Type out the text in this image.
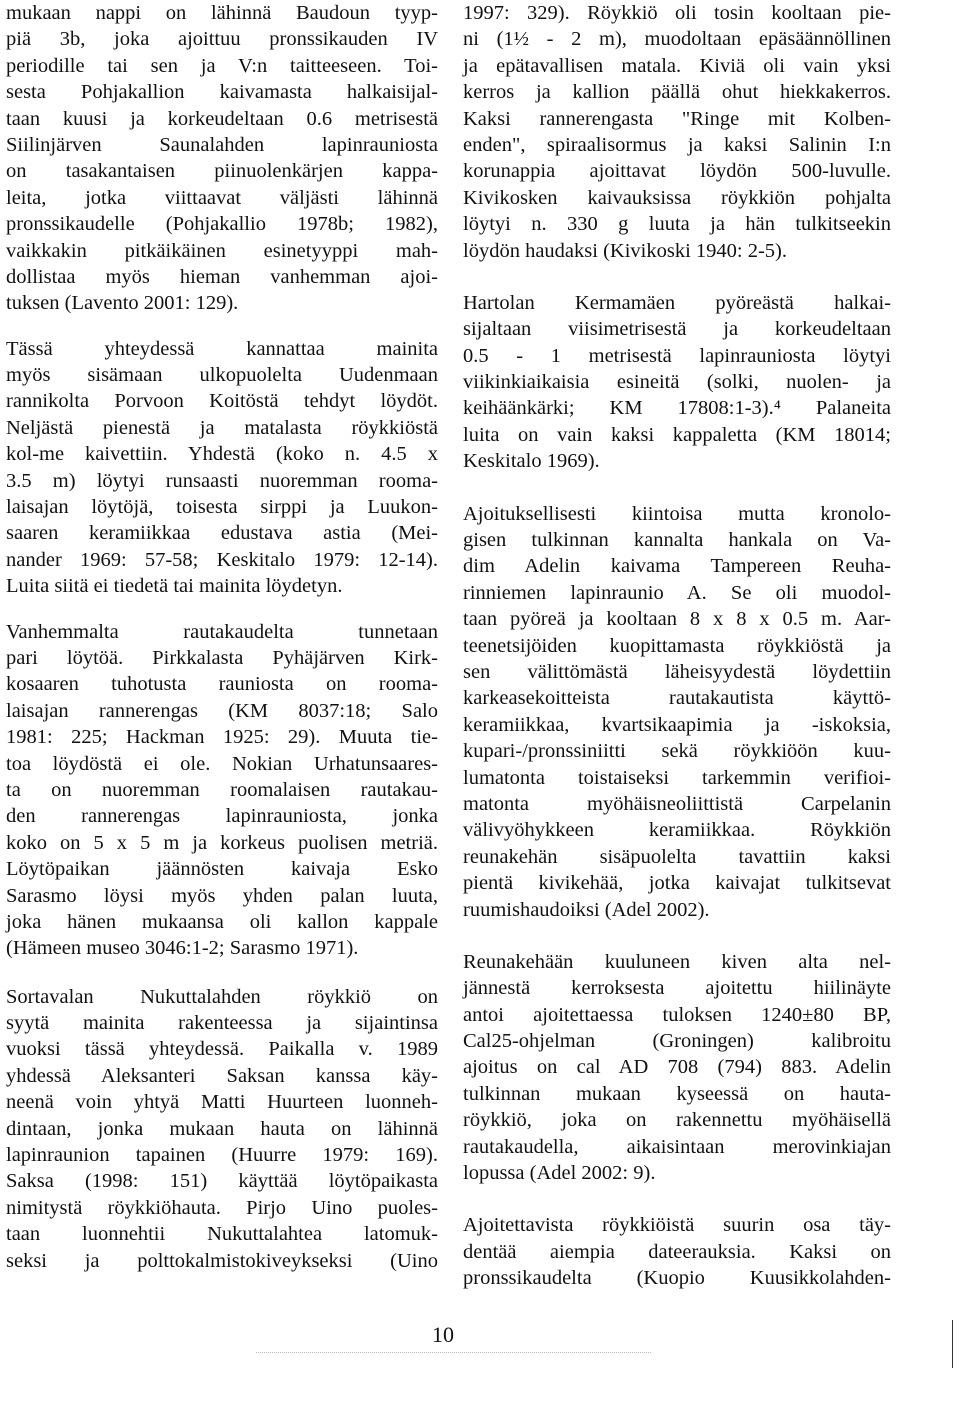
mukaan nappi on lähinnä Baudoun tyyp-
piä 3b, joka ajoittuu pronssikauden IV
periodille tai sen ja V:n taitteeseen. Toi-
sesta Pohjakallion kaivamasta halkaisijal-
taan kuusi ja korkeudeltaan 0.6 metrisestä
Siilinjärven Saunalahden lapinrauniosta
on tasakantaisen piinuolenkärjen kappa-
leita, jotka viittaavat väljästi lähinnä
pronssikaudelle (Pohjakallio 1978b; 1982),
vaikkakin pitkäikäinen esinetyyppi mah-
dollistaa myös hieman vanhemman ajoi-
tuksen (Lavento 2001: 129).
Tässä yhteydessä kannattaa mainita
myös sisämaan ulkopuolelta Uudenmaan
rannikolta Porvoon Koitöstä tehdyt löydöt.
Neljästä pienestä ja matalasta röykkiöstä
kol-me kaivettiin. Yhdestä (koko n. 4.5 x
3.5 m) löytyi runsaasti nuoremman rooma-
laisajan löytöjä, toisesta sirppi ja Luukon-
saaren keramiikkaa edustava astia (Mei-
nander 1969: 57-58; Keskitalo 1979: 12-14).
Luita siitä ei tiedetä tai mainita löydetyn.
Vanhemmalta rautakaudelta tunnetaan
pari löytöä. Pirkkalasta Pyhäjärven Kirk-
kosaaren tuhotusta rauniosta on rooma-
laisajan rannerengas (KM 8037:18; Salo
1981: 225; Hackman 1925: 29). Muuta tie-
toa löydöstä ei ole. Nokian Urhatunsaares-
ta on nuoremman roomalaisen rautakau-
den rannerengas lapinrauniosta, jonka
koko on 5 x 5 m ja korkeus puolisen metriä.
Löytöpaikan jäännösten kaivaja Esko
Sarasmo löysi myös yhden palan luuta,
joka hänen mukaansa oli kallon kappale
(Hämeen museo 3046:1-2; Sarasmo 1971).
Sortavalan Nukuttalahden röykkiö on
syytä mainita rakenteessa ja sijaintinsa
vuoksi tässä yhteydessä. Paikalla v. 1989
yhdessä Aleksanteri Saksan kanssa käy-
neenä voin yhtyä Matti Huurteen luonneh-
dintaan, jonka mukaan hauta on lähinnä
lapinraunion tapainen (Huurre 1979: 169).
Saksa (1998: 151) käyttää löytöpaikasta
nimitystä röykkiöhauta. Pirjo Uino puoles-
taan luonnehtii Nukuttalahtea latomuk-
seksi ja polttokalmistokiveykseksi (Uino
1997: 329). Röykkiö oli tosin kooltaan pie-
ni (1½ - 2 m), muodoltaan epäsäännöllinen
ja epätavallisen matala. Kiviä oli vain yksi
kerros ja kallion päällä ohut hiekkakerros.
Kaksi rannerengasta "Ringe mit Kolben-
enden", spiraalisormus ja kaksi Salinin I:n
korunappia ajoittavat löydön 500-luvulle.
Kivikosken kaivauksissa röykkiön pohjalta
löytyi n. 330 g luuta ja hän tulkitseekin
löydön haudaksi (Kivikoski 1940: 2-5).
Hartolan Kermamäen pyöreästä halkai-
sijaltaan viisimetrisestä ja korkeudeltaan
0.5 - 1 metrisestä lapinrauniosta löytyi
viikinkiaikaisia esineitä (solki, nuolen- ja
keihäänkärki; KM 17808:1-3).⁴ Palaneita
luita on vain kaksi kappaletta (KM 18014;
Keskitalo 1969).
Ajoituksellisesti kiintoisa mutta kronolo-
gisen tulkinnan kannalta hankala on Va-
dim Adelin kaivama Tampereen Reuha-
rinniemen lapinraunio A. Se oli muodol-
taan pyöreä ja kooltaan 8 x 8 x 0.5 m. Aar-
teenetsijöiden kuopittamasta röykkiöstä ja
sen välittömästä läheisyydestä löydettiin
karkeasekoitteista rautakautista käyttö-
keramiikkaa, kvartsikaapimia ja -iskoksia,
kupari-/pronssiniitti sekä röykkiöön kuu-
lumatonta toistaiseksi tarkemmin verifioi-
matonta myöhäisneoliittistä Carpelanin
välivyöhykkeen keramiikkaa. Röykkiön
reunakehän sisäpuolelta tavattiin kaksi
pientä kivikehää, jotka kaivajat tulkitsevat
ruumishaudoiksi (Adel 2002).
Reunakehään kuuluneen kiven alta nel-
jännestä kerroksesta ajoitettu hiilinäyte
antoi ajoitettaessa tuloksen 1240±80 BP,
Cal25-ohjelman (Groningen) kalibroitu
ajoitus on cal AD 708 (794) 883. Adelin
tulkinnan mukaan kyseessä on hauta-
röykkiö, joka on rakennettu myöhäisellä
rautakaudella, aikaisintaan merovinkiajan
lopussa (Adel 2002: 9).
Ajoitettavista röykkiöistä suurin osa täy-
dentää aiempia dateerauksia. Kaksi on
pronssikaudelta (Kuopio Kuusikkolahden-
10
